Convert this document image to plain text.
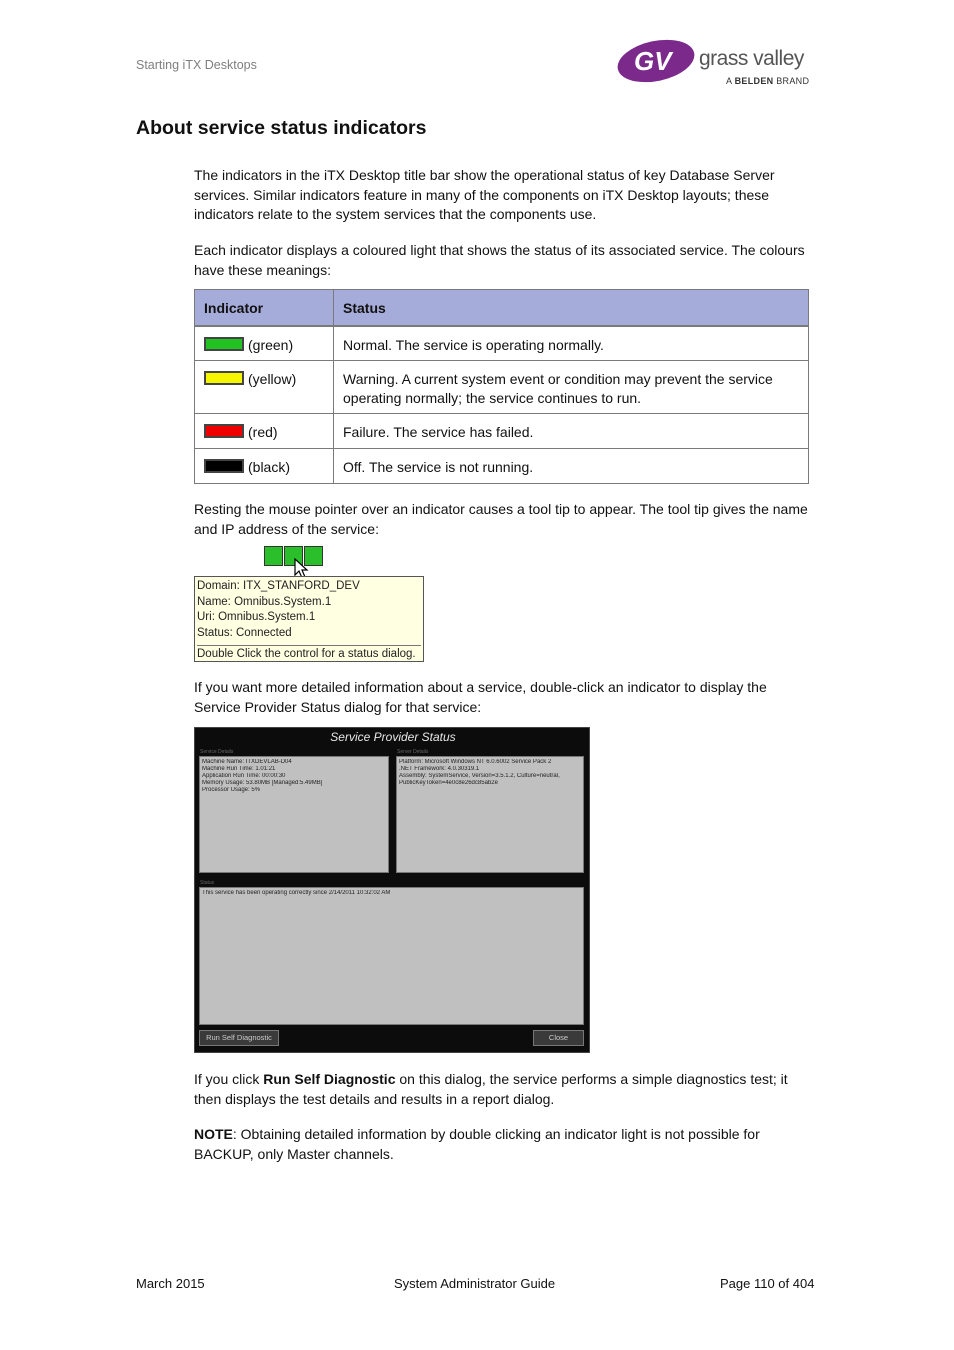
Starting iTX Desktops	GV grass valley
A BELDEN BRAND
About service status indicators

The indicators in the iTX Desktop title bar show the operational status of key Database Server services. Similar indicators feature in many of the components on iTX Desktop layouts; these indicators relate to the system services that the components use.

Each indicator displays a coloured light that shows the status of its associated service. The colours have these meanings:

Indicator	Status
(green)	Normal. The service is operating normally.
(yellow)	Warning. A current system event or condition may prevent the service operating normally; the service continues to run.
(red)	Failure. The service has failed.
(black)	Off. The service is not running.

Resting the mouse pointer over an indicator causes a tool tip to appear. The tool tip gives the name and IP address of the service:

Domain: ITX_STANFORD_DEV
Name: Omnibus.System.1
Uri: Omnibus.System.1
Status: Connected
Double Click the control for a status dialog.

If you want more detailed information about a service, double-click an indicator to display the Service Provider Status dialog for that service:

Service Provider Status
Service Details	Server Details
Machine Name: ITXDEVLAB-D04
Machine Run Time: 1.01:21
Application Run Time: 00:00:30
Memory Usage: 53.80MB [Managed:5.49MB]
Processor Usage: 5%
Platform: Microsoft Windows NT 6.0.6002 Service Pack 2
.NET Framework: 4.0.30319.1
Assembly: SystemService, Version=3.5.1.2, Culture=neutral,
PublicKeyToken=4e0c8e26dc85ab2e
Status
This service has been operating correctly since 2/14/2011 10:32:02 AM
Run Self Diagnostic	Close

If you click Run Self Diagnostic on this dialog, the service performs a simple diagnostics test; it then displays the test details and results in a report dialog.

NOTE: Obtaining detailed information by double clicking an indicator light is not possible for BACKUP, only Master channels.

March 2015	System Administrator Guide	Page 110 of 404
